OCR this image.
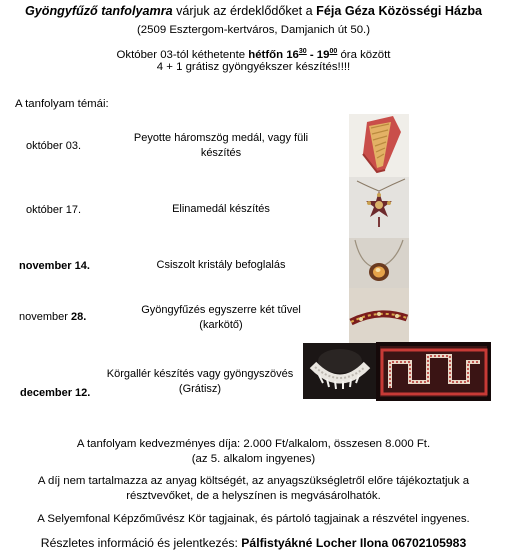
Gyöngyfűző tanfolyamra várjuk az érdeklődőket a Féja Géza Közösségi Házba
(2509 Esztergom-kertváros, Damjanich út 50.)
Október 03-tól kéthetente hétfőn $16^{30} - 19^{00}$ óra között
4 + 1 grátisz gyöngyékszer készítés!!!!
A tanfolyam témái:
október 03.
Peyotte háromszög medál, vagy füli
készítés
október 17.	Elinamedál készítés
november 14.	Csiszolt kristály befoglalás
november 28.
Gyöngyfűzés egyszerre két tűvel
(karkötő)
december 12.
Körgallér készítés vagy gyöngyszövés
(Grátisz)
A tanfolyam kedvezményes díja: 2.000 Ft/alkalom, összesen 8.000 Ft.
(az 5. alkalom ingyenes)
A díj nem tartalmazza az anyag költségét, az anyagszükségletről előre tájékoztatjuk a
résztvevőket, de a helyszínen is megvásárolhatók.
A Selyemfonal Képzőművész Kör tagjainak, és pártoló tagjainak a részvétel ingyenes.
Részletes információ és jelentkezés: Pálfistyákné Locher Ilona 06702105983
